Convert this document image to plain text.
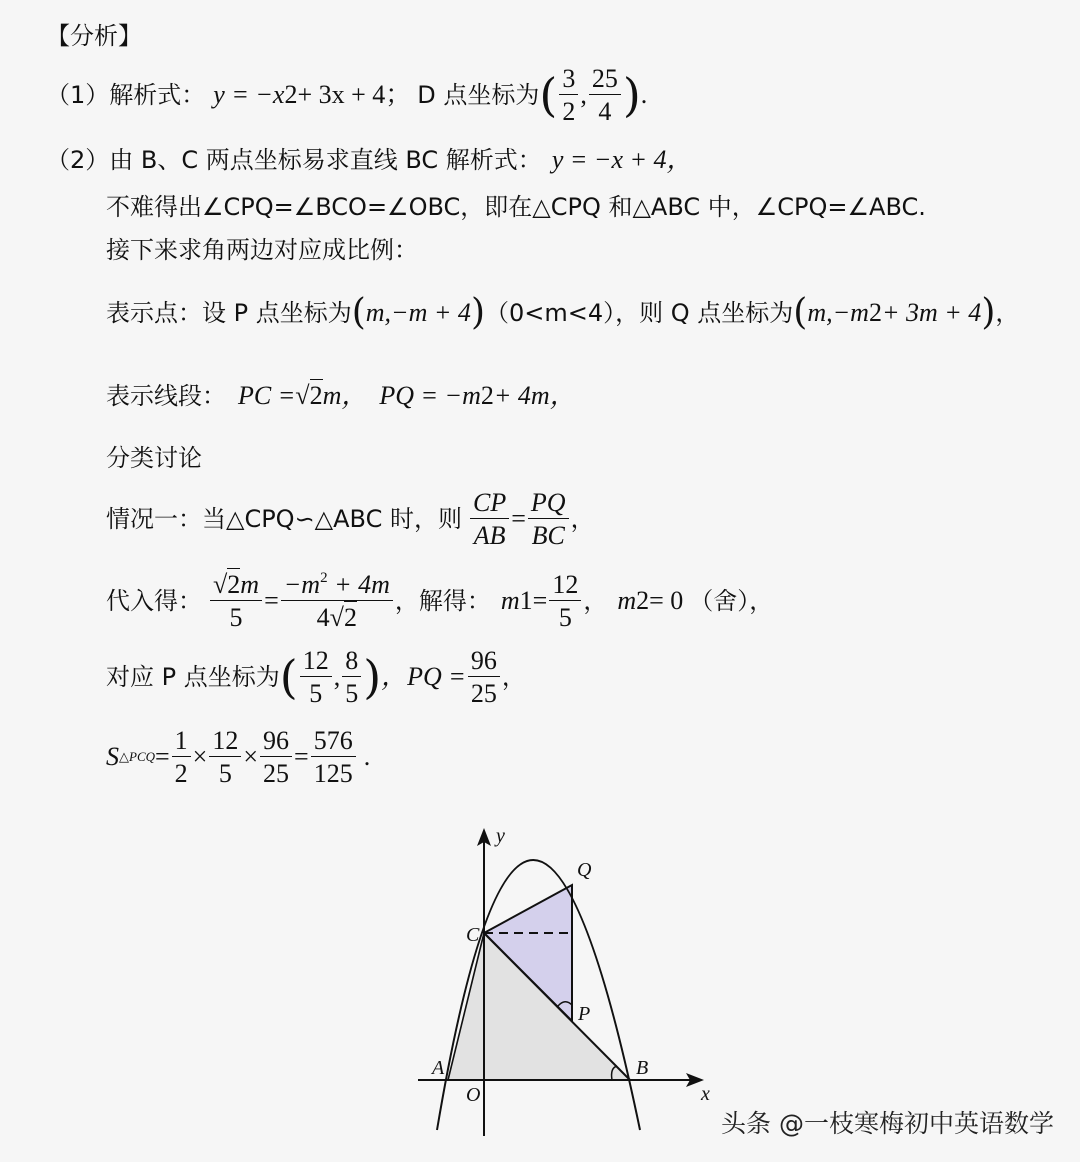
【分析】
（1）解析式： y = −x 2 + 3x + 4； D 点坐标为 ( $\frac{3}{2}$ , $\frac{25}{4}$ ) .
（2）由 B、C 两点坐标易求直线 BC 解析式： y = −x + 4，
不难得出∠CPQ=∠BCO=∠OBC，即在△CPQ 和△ABC 中，∠CPQ=∠ABC.
接下来求角两边对应成比例：
表示点：设 P 点坐标为 ( m,−m + 4 ) （0<m<4），则 Q 点坐标为 ( m,−m 2 + 3m + 4 ) ，
表示线段： PC = √ 2 m， PQ = −m 2 + 4m，
分类讨论
情况一：当△CPQ∽△ABC 时，则 $\frac{CP}{AB} = \frac{PQ}{BC}$ ，
代入得： $\frac{√2m}{5} = \frac{-m^2 + 4m}{4√2}$ ，解得： m $1 = \frac{12}{5}$ ， m 2 = 0 （舍），
对应 P 点坐标为 ( $\frac{12}{5}$ , $\frac{8}{5}$ ) ，PQ = $\frac{96}{25}$ ，
S △PCQ = $\frac{1}{2} \times \frac{12}{5} \times \frac{96}{25} = \frac{576}{125}$ .
y
x
Q
C
P
A	B
O
头条 @一枝寒梅初中英语数学
